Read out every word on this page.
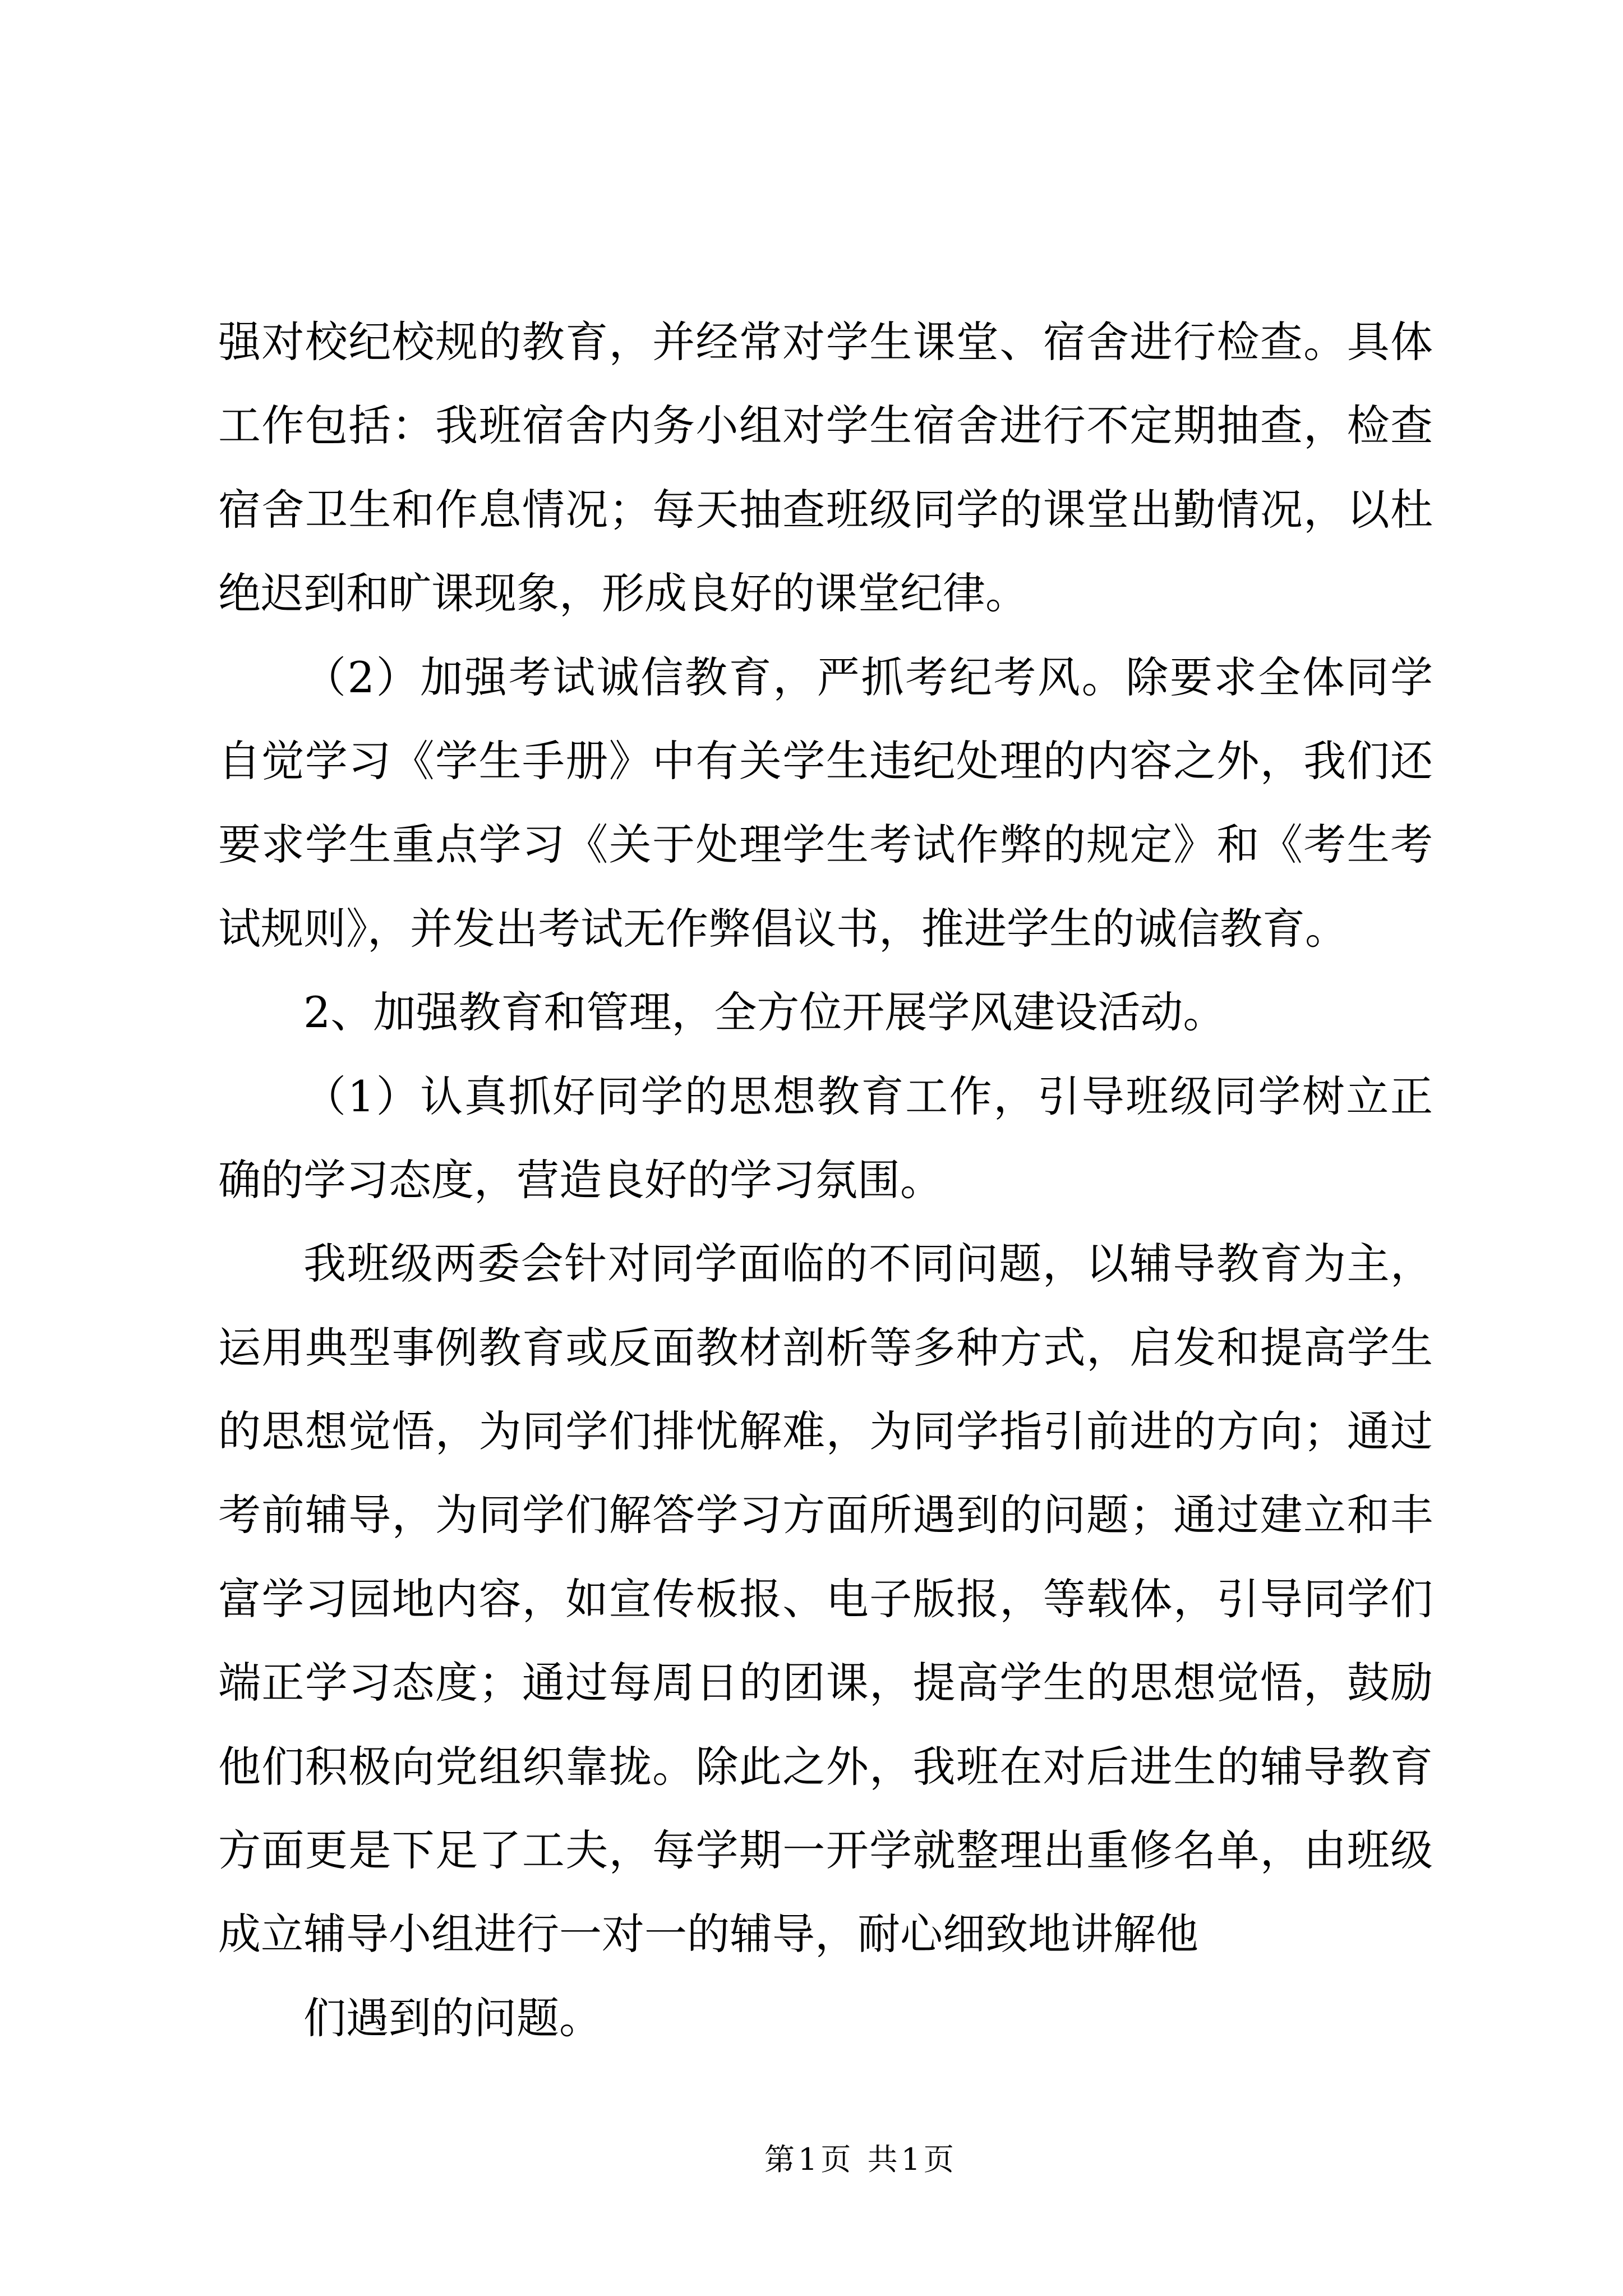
强对校纪校规的教育，并经常对学生课堂、宿舍进行检查。具体
工作包括：我班宿舍内务小组对学生宿舍进行不定期抽查，检查
宿舍卫生和作息情况；每天抽查班级同学的课堂出勤情况，以杜
绝迟到和旷课现象，形成良好的课堂纪律。
（2）加强考试诚信教育，严抓考纪考风。除要求全体同学
自觉学习《学生手册》中有关学生违纪处理的内容之外，我们还
要求学生重点学习《关于处理学生考试作弊的规定》和《考生考
试规则》，并发出考试无作弊倡议书，推进学生的诚信教育。
2、加强教育和管理，全方位开展学风建设活动。
（1）认真抓好同学的思想教育工作，引导班级同学树立正
确的学习态度，营造良好的学习氛围。
我班级两委会针对同学面临的不同问题，以辅导教育为主，
运用典型事例教育或反面教材剖析等多种方式，启发和提高学生
的思想觉悟，为同学们排忧解难，为同学指引前进的方向；通过
考前辅导，为同学们解答学习方面所遇到的问题；通过建立和丰
富学习园地内容，如宣传板报、电子版报，等载体，引导同学们
端正学习态度；通过每周日的团课，提高学生的思想觉悟，鼓励
他们积极向党组织靠拢。除此之外，我班在对后进生的辅导教育
方面更是下足了工夫，每学期一开学就整理出重修名单，由班级
成立辅导小组进行一对一的辅导，耐心细致地讲解他
们遇到的问题。
第1页 共1页
